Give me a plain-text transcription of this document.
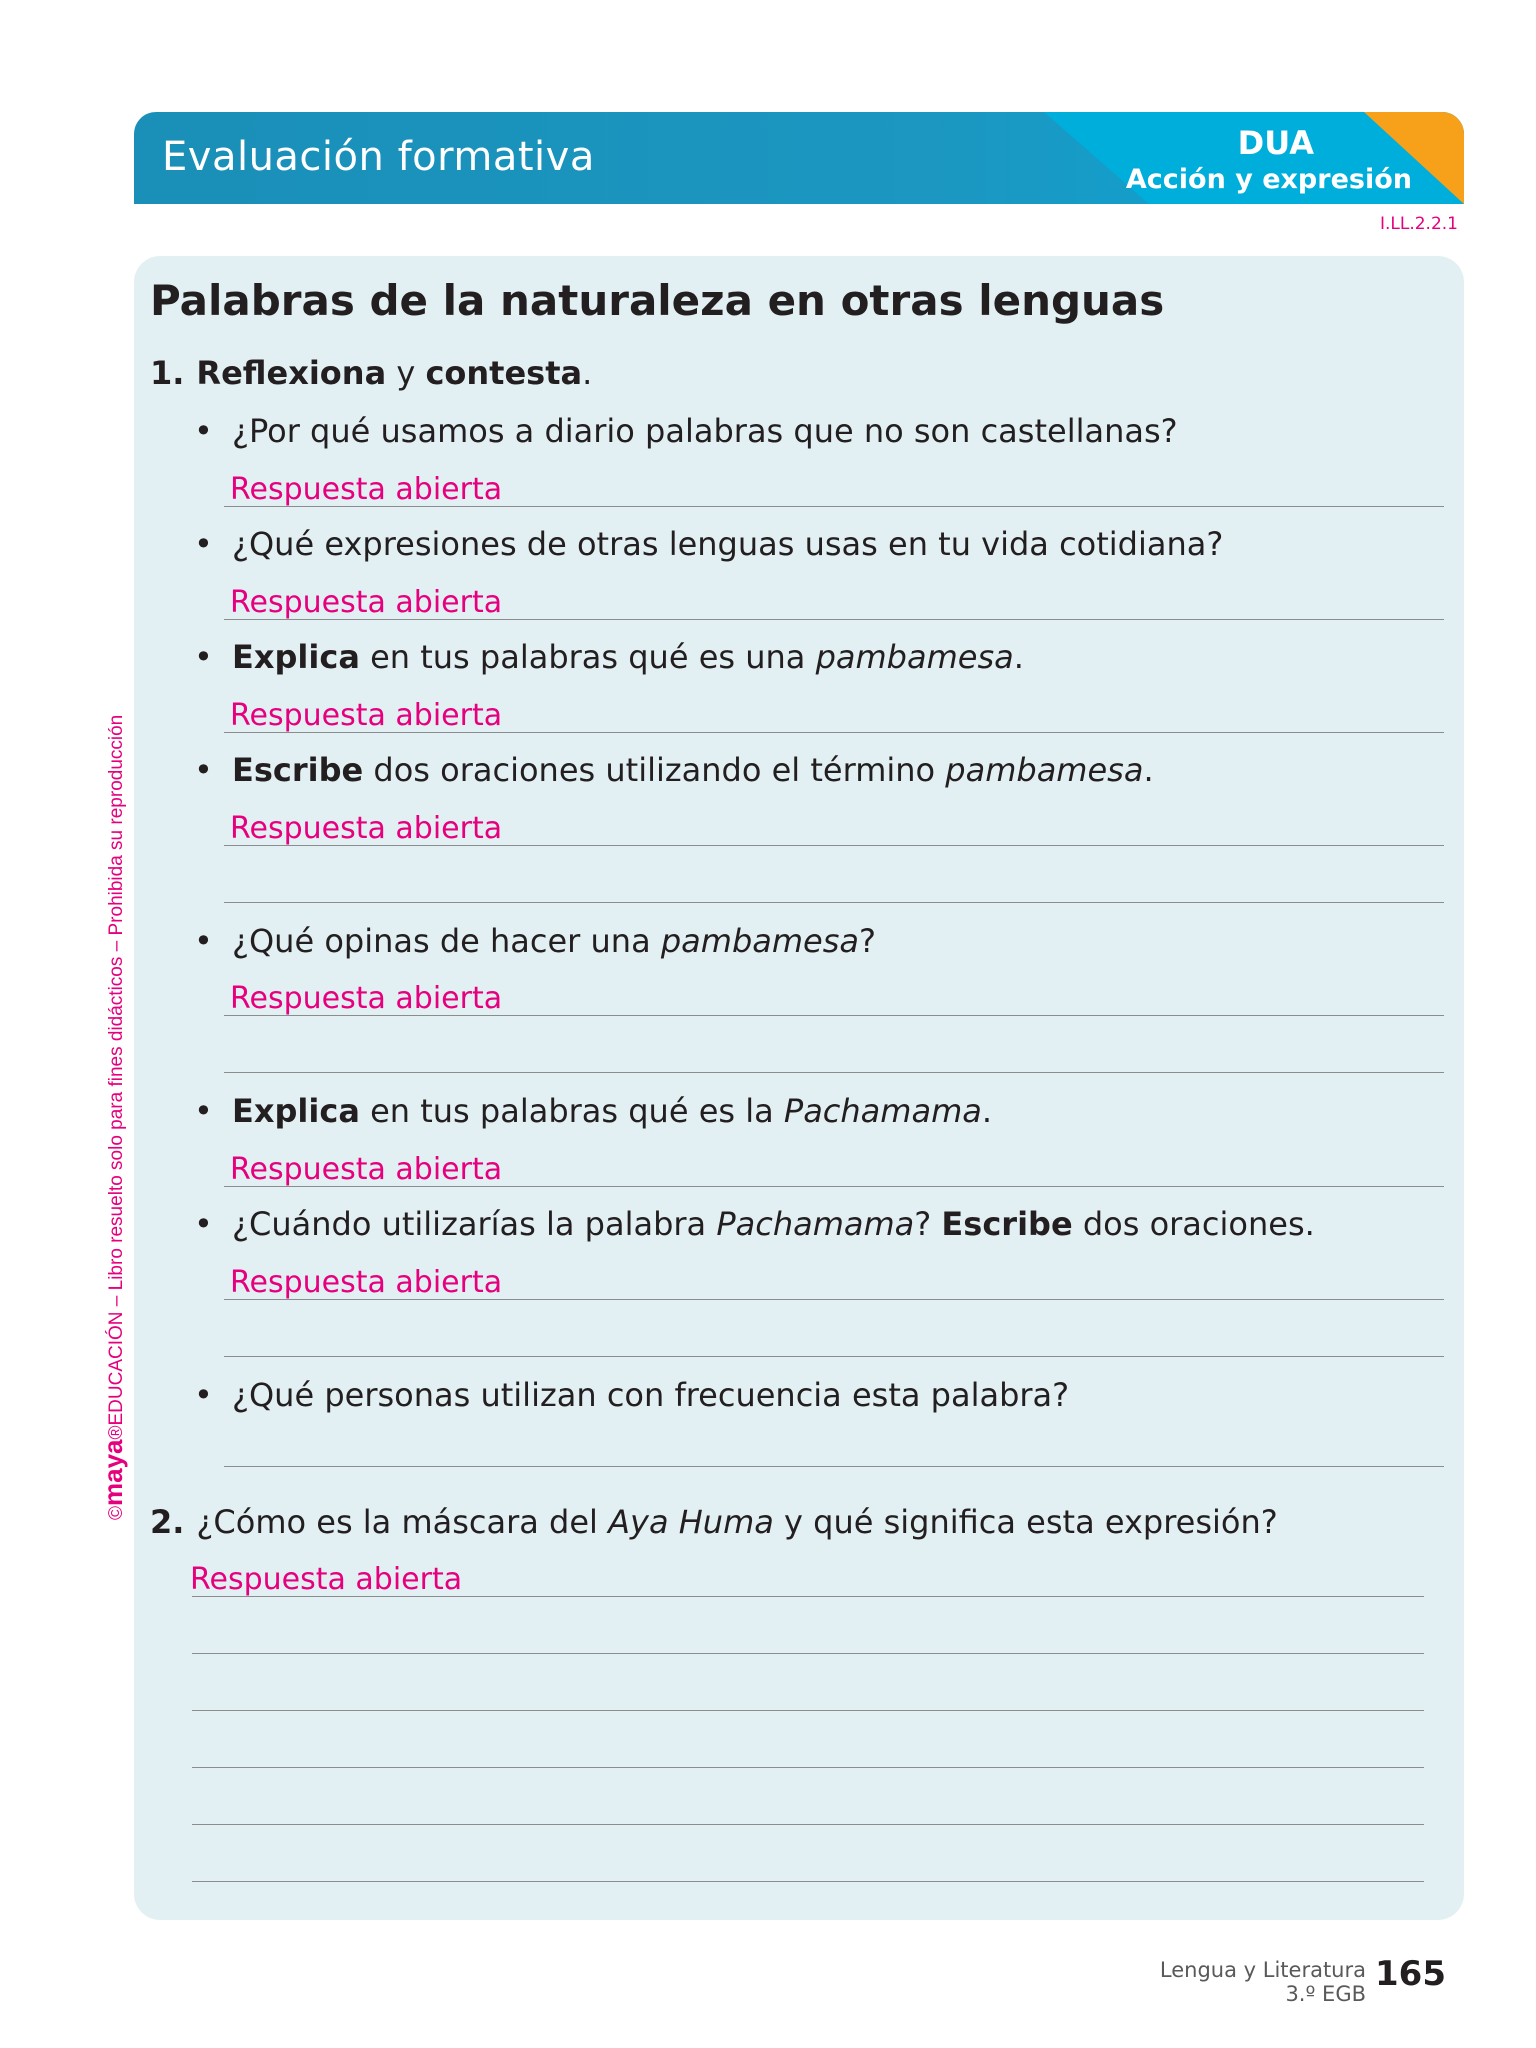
Evaluación formativa	DUA
Acción y expresión
I.LL.2.2.1
©maya®EDUCACIÓN – Libro resuelto solo para fines didácticos – Prohibida su reproducción
Palabras de la naturaleza en otras lenguas
1. Reflexiona y contesta.
• ¿Por qué usamos a diario palabras que no son castellanas?
Respuesta abierta
• ¿Qué expresiones de otras lenguas usas en tu vida cotidiana?
Respuesta abierta
• Explica en tus palabras qué es una pambamesa.
Respuesta abierta
• Escribe dos oraciones utilizando el término pambamesa.
Respuesta abierta
• ¿Qué opinas de hacer una pambamesa?
Respuesta abierta
• Explica en tus palabras qué es la Pachamama.
Respuesta abierta
• ¿Cuándo utilizarías la palabra Pachamama? Escribe dos oraciones.
Respuesta abierta
• ¿Qué personas utilizan con frecuencia esta palabra?
2. ¿Cómo es la máscara del Aya Huma y qué significa esta expresión?
Respuesta abierta
Lengua y Literatura
3.º EGB 165
